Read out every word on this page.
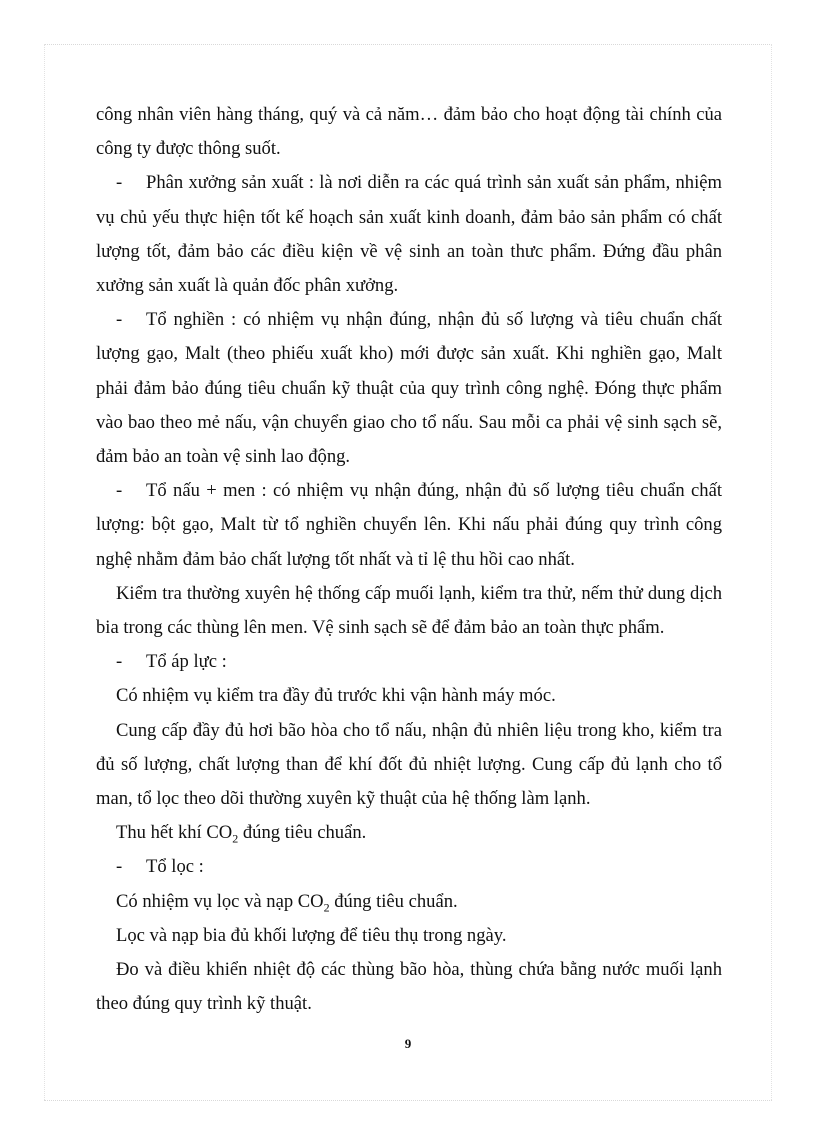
công nhân viên hàng tháng, quý và cả năm… đảm bảo cho hoạt động tài chính của công ty được thông suốt.

- Phân xưởng sản xuất : là nơi diễn ra các quá trình sản xuất sản phẩm, nhiệm vụ chủ yếu thực hiện tốt kế hoạch sản xuất kinh doanh, đảm bảo sản phẩm có chất lượng tốt, đảm bảo các điều kiện về vệ sinh an toàn thưc phẩm. Đứng đầu phân xưởng sản xuất là quản đốc phân xưởng.

- Tổ nghiền : có nhiệm vụ nhận đúng, nhận đủ số lượng và tiêu chuẩn chất lượng gạo, Malt (theo phiếu xuất kho) mới được sản xuất. Khi nghiền gạo, Malt phải đảm bảo đúng tiêu chuẩn kỹ thuật của quy trình công nghệ. Đóng thực phẩm vào bao theo mẻ nấu, vận chuyển giao cho tổ nấu. Sau mỗi ca phải vệ sinh sạch sẽ, đảm bảo an toàn vệ sinh lao động.

- Tổ nấu + men : có nhiệm vụ nhận đúng, nhận đủ số lượng tiêu chuẩn chất lượng: bột gạo, Malt từ tổ nghiền chuyển lên. Khi nấu phải đúng quy trình công nghệ nhằm đảm bảo chất lượng tốt nhất và tỉ lệ thu hồi cao nhất.

Kiểm tra thường xuyên hệ thống cấp muối lạnh, kiểm tra thử, nếm thử dung dịch bia trong các thùng lên men. Vệ sinh sạch sẽ để đảm bảo an toàn thực phẩm.

- Tổ áp lực :

Có nhiệm vụ kiểm tra đầy đủ trước khi vận hành máy móc.

Cung cấp đầy đủ hơi bão hòa cho tổ nấu, nhận đủ nhiên liệu trong kho, kiểm tra đủ số lượng, chất lượng than để khí đốt đủ nhiệt lượng. Cung cấp đủ lạnh cho tổ man, tổ lọc theo dõi thường xuyên kỹ thuật của hệ thống làm lạnh.

Thu hết khí $CO_2$ đúng tiêu chuẩn.

- Tổ lọc :

Có nhiệm vụ lọc và nạp $CO_2$ đúng tiêu chuẩn.

Lọc và nạp bia đủ khối lượng để tiêu thụ trong ngày.

Đo và điều khiển nhiệt độ các thùng bão hòa, thùng chứa bằng nước muối lạnh theo đúng quy trình kỹ thuật.

9
